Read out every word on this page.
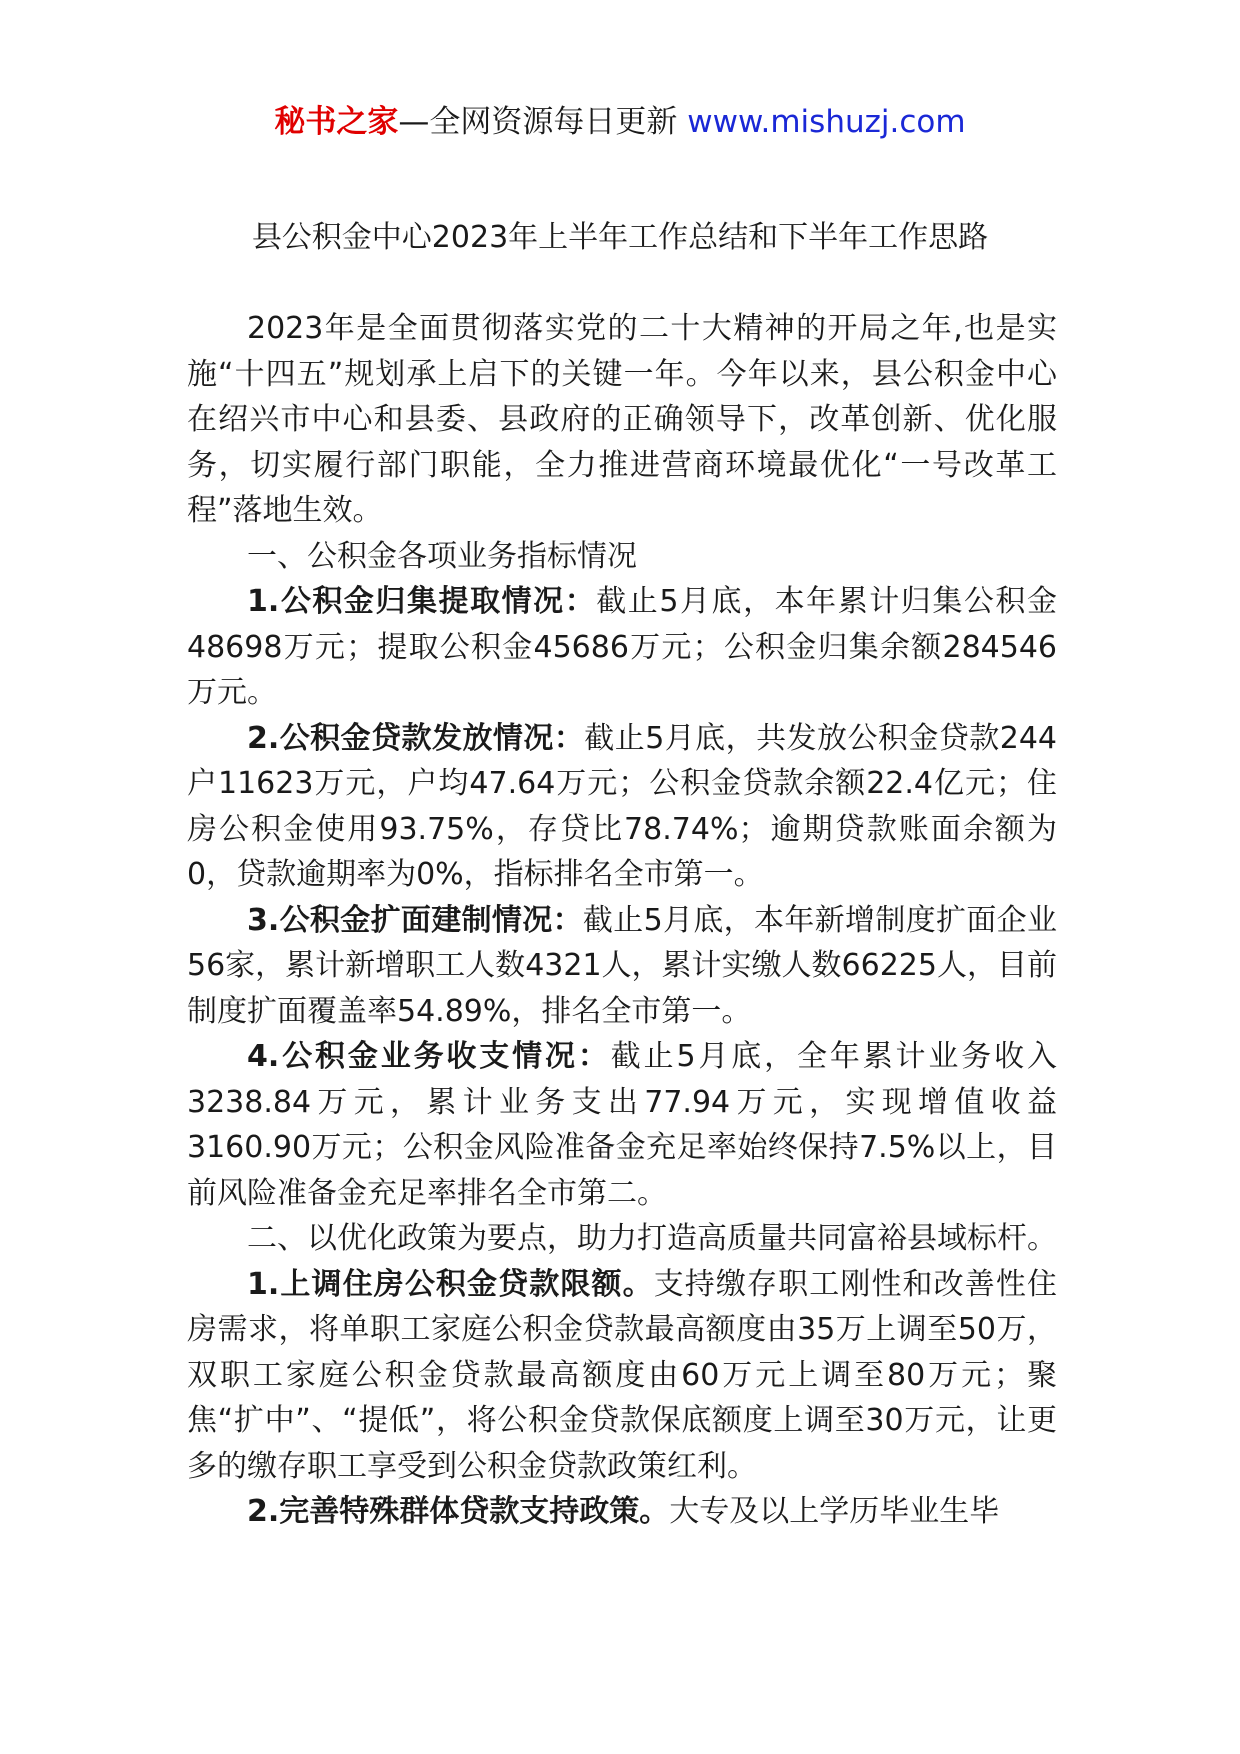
秘书之家—全网资源每日更新 www.mishuzj.com
县公积金中心2023年上半年工作总结和下半年工作思路

2023年是全面贯彻落实党的二十大精神的开局之年,也是实施“十四五”规划承上启下的关键一年。今年以来，县公积金中心在绍兴市中心和县委、县政府的正确领导下，改革创新、优化服务，切实履行部门职能，全力推进营商环境最优化“一号改革工程”落地生效。

一、公积金各项业务指标情况

1.公积金归集提取情况：截止5月底，本年累计归集公积金48698万元；提取公积金45686万元；公积金归集余额284546万元。

2.公积金贷款发放情况：截止5月底，共发放公积金贷款244户11623万元，户均47.64万元；公积金贷款余额22.4亿元；住房公积金使用93.75%，存贷比78.74%；逾期贷款账面余额为0，贷款逾期率为0%，指标排名全市第一。

3.公积金扩面建制情况：截止5月底，本年新增制度扩面企业56家，累计新增职工人数4321人，累计实缴人数66225人，目前制度扩面覆盖率54.89%，排名全市第一。

4.公积金业务收支情况：截止5月底，全年累计业务收入3238.84万元，累计业务支出77.94万元，实现增值收益3160.90万元；公积金风险准备金充足率始终保持7.5%以上，目前风险准备金充足率排名全市第二。

二、以优化政策为要点，助力打造高质量共同富裕县域标杆。

1.上调住房公积金贷款限额。支持缴存职工刚性和改善性住房需求，将单职工家庭公积金贷款最高额度由35万上调至50万，双职工家庭公积金贷款最高额度由60万元上调至80万元；聚焦“扩中”、“提低”，将公积金贷款保底额度上调至30万元，让更多的缴存职工享受到公积金贷款政策红利。

2.完善特殊群体贷款支持政策。大专及以上学历毕业生毕
